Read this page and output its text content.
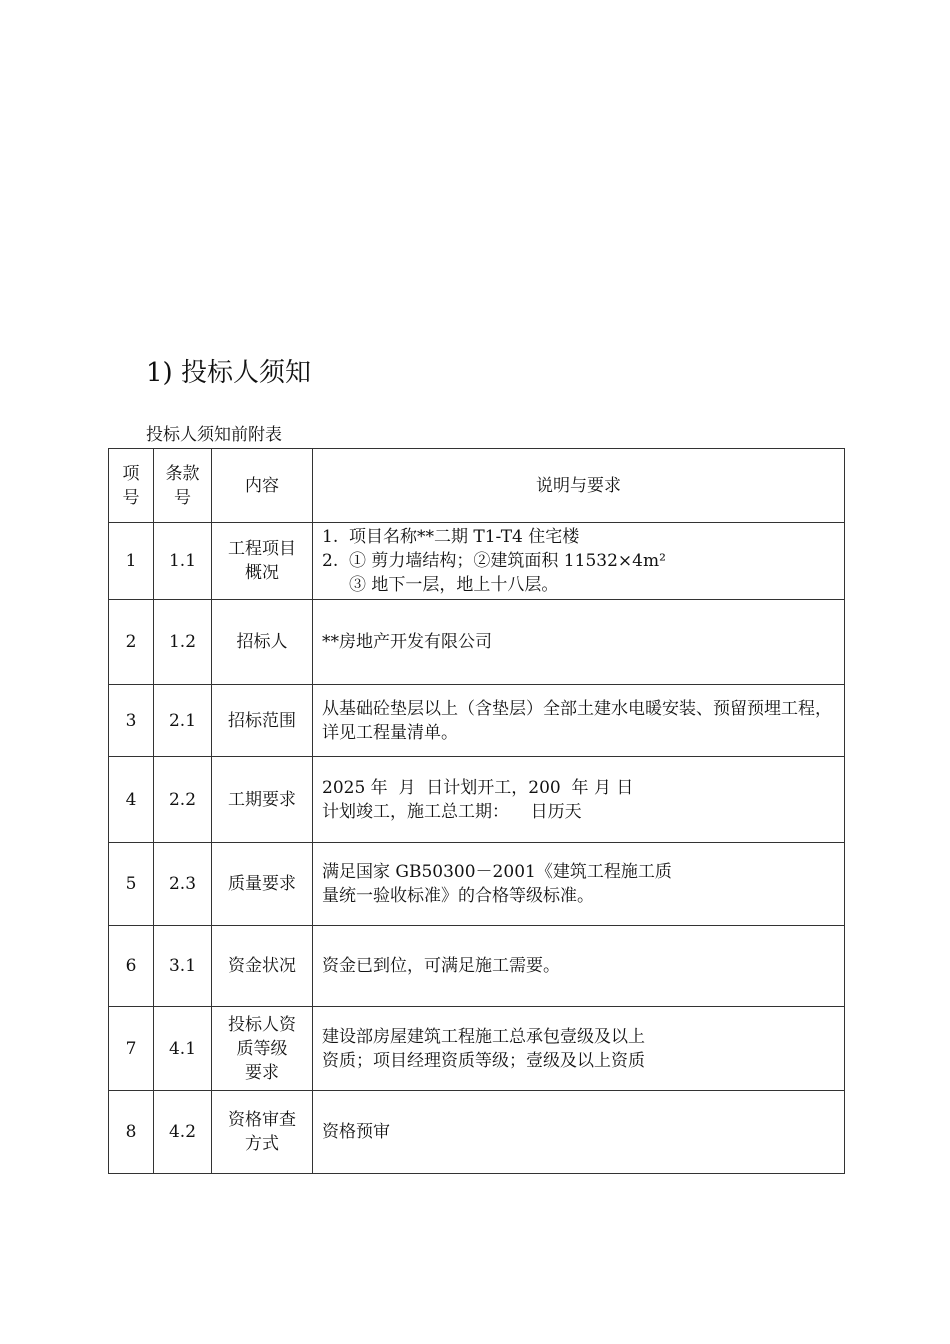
1) 投标人须知
投标人须知前附表
项
号	条款
号	内容	说明与要求
1	1.1	工程项目
概况	1. 项目名称**二期 T1-T4 住宅楼
2. ① 剪力墙结构；②建筑面积 11532×4m²
③ 地下一层，地上十八层。

2	1.2	招标人	**房地产开发有限公司
3	2.1	招标范围	从基础砼垫层以上（含垫层）全部土建水电暖安装、预留预埋工程，详见工程量清单。
4	2.2	工期要求	2025 年  月  日计划开工，200  年 月 日
计划竣工，施工总工期：    日历天

5	2.3	质量要求	满足国家 GB50300－2001《建筑工程施工质
量统一验收标准》的合格等级标准。

6	3.1	资金状况	资金已到位，可满足施工需要。
7	4.1	投标人资
质等级
要求	建设部房屋建筑工程施工总承包壹级及以上
资质；项目经理资质等级；壹级及以上资质

8	4.2	资格审查
方式	资格预审
